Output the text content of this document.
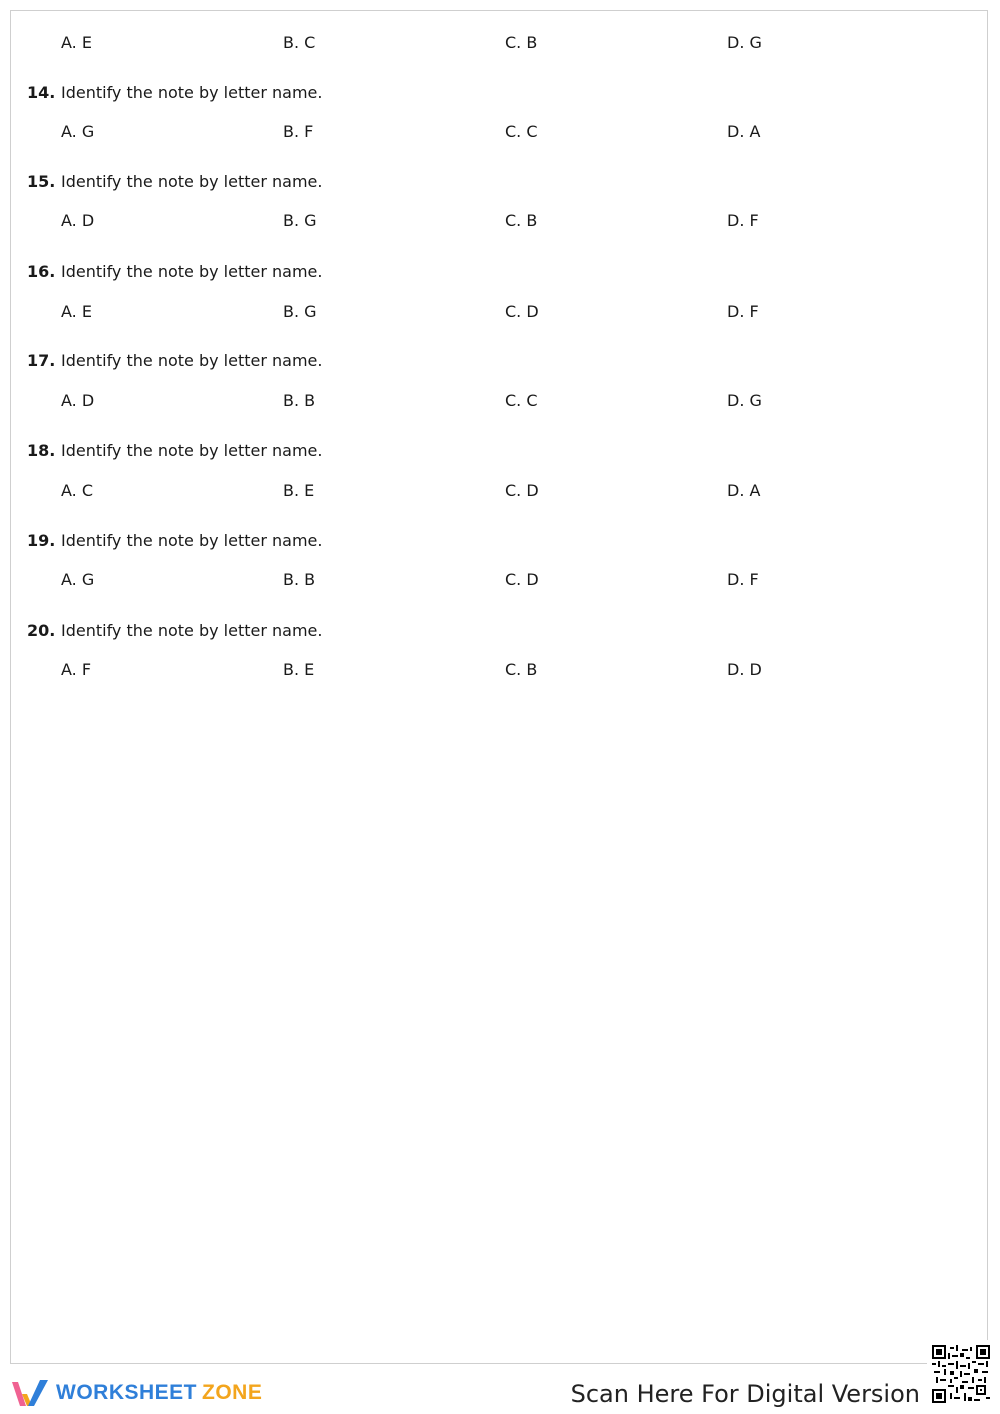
A. E	B. C	C. B	D. G
14. Identify the note by letter name.
A. G	B. F	C. C	D. A
15. Identify the note by letter name.
A. D	B. G	C. B	D. F
16. Identify the note by letter name.
A. E	B. G	C. D	D. F
17. Identify the note by letter name.
A. D	B. B	C. C	D. G
18. Identify the note by letter name.
A. C	B. E	C. D	D. A
19. Identify the note by letter name.
A. G	B. B	C. D	D. F
20. Identify the note by letter name.
A. F	B. E	C. B	D. D
WORKSHEET ZONE	Scan Here For Digital Version
